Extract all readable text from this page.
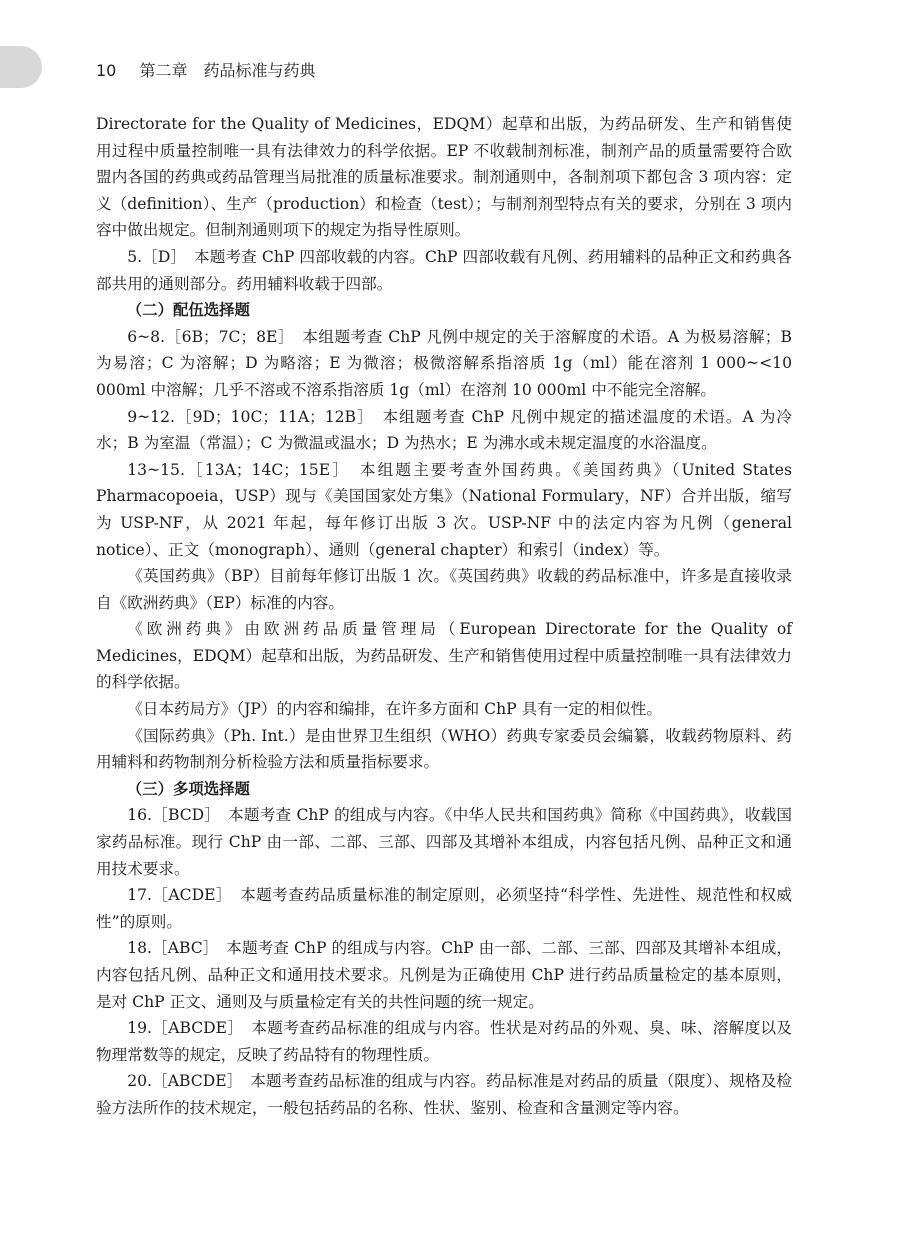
10 第二章　药品标准与药典

Directorate for the Quality of Medicines，EDQM）起草和出版，为药品研发、生产和销售使用过程中质量控制唯一具有法律效力的科学依据。EP 不收载制剂标准，制剂产品的质量需要符合欧盟内各国的药典或药品管理当局批准的质量标准要求。制剂通则中，各制剂项下都包含 3 项内容：定义（definition）、生产（production）和检查（test）；与制剂剂型特点有关的要求，分别在 3 项内容中做出规定。但制剂通则项下的规定为指导性原则。

5.［D］　本题考查 ChP 四部收载的内容。ChP 四部收载有凡例、药用辅料的品种正文和药典各部共用的通则部分。药用辅料收载于四部。

（二）配伍选择题

6~8.［6B；7C；8E］　本组题考查 ChP 凡例中规定的关于溶解度的术语。A 为极易溶解；B 为易溶；C 为溶解；D 为略溶；E 为微溶；极微溶解系指溶质 1g（ml）能在溶剂 1 000~<10 000ml 中溶解；几乎不溶或不溶系指溶质 1g（ml）在溶剂 10 000ml 中不能完全溶解。

9~12.［9D；10C；11A；12B］　本组题考查 ChP 凡例中规定的描述温度的术语。A 为冷水；B 为室温（常温）；C 为微温或温水；D 为热水；E 为沸水或未规定温度的水浴温度。

13~15.［13A；14C；15E］　本组题主要考查外国药典。《美国药典》（United States Pharmacopoeia，USP）现与《美国国家处方集》（National Formulary，NF）合并出版，缩写为 USP-NF，从 2021 年起，每年修订出版 3 次。USP-NF 中的法定内容为凡例（general notice）、正文（monograph）、通则（general chapter）和索引（index）等。

《英国药典》（BP）目前每年修订出版 1 次。《英国药典》收载的药品标准中，许多是直接收录自《欧洲药典》（EP）标准的内容。

《欧洲药典》由欧洲药品质量管理局（European Directorate for the Quality of Medicines，EDQM）起草和出版，为药品研发、生产和销售使用过程中质量控制唯一具有法律效力的科学依据。

《日本药局方》（JP）的内容和编排，在许多方面和 ChP 具有一定的相似性。

《国际药典》（Ph. Int.）是由世界卫生组织（WHO）药典专家委员会编纂，收载药物原料、药用辅料和药物制剂分析检验方法和质量指标要求。

（三）多项选择题

16.［BCD］　本题考查 ChP 的组成与内容。《中华人民共和国药典》简称《中国药典》，收载国家药品标准。现行 ChP 由一部、二部、三部、四部及其增补本组成，内容包括凡例、品种正文和通用技术要求。

17.［ACDE］　本题考查药品质量标准的制定原则，必须坚持“科学性、先进性、规范性和权威性”的原则。

18.［ABC］　本题考查 ChP 的组成与内容。ChP 由一部、二部、三部、四部及其增补本组成，内容包括凡例、品种正文和通用技术要求。凡例是为正确使用 ChP 进行药品质量检定的基本原则，是对 ChP 正文、通则及与质量检定有关的共性问题的统一规定。

19.［ABCDE］　本题考查药品标准的组成与内容。性状是对药品的外观、臭、味、溶解度以及物理常数等的规定，反映了药品特有的物理性质。

20.［ABCDE］　本题考查药品标准的组成与内容。药品标准是对药品的质量（限度）、规格及检验方法所作的技术规定，一般包括药品的名称、性状、鉴别、检查和含量测定等内容。
